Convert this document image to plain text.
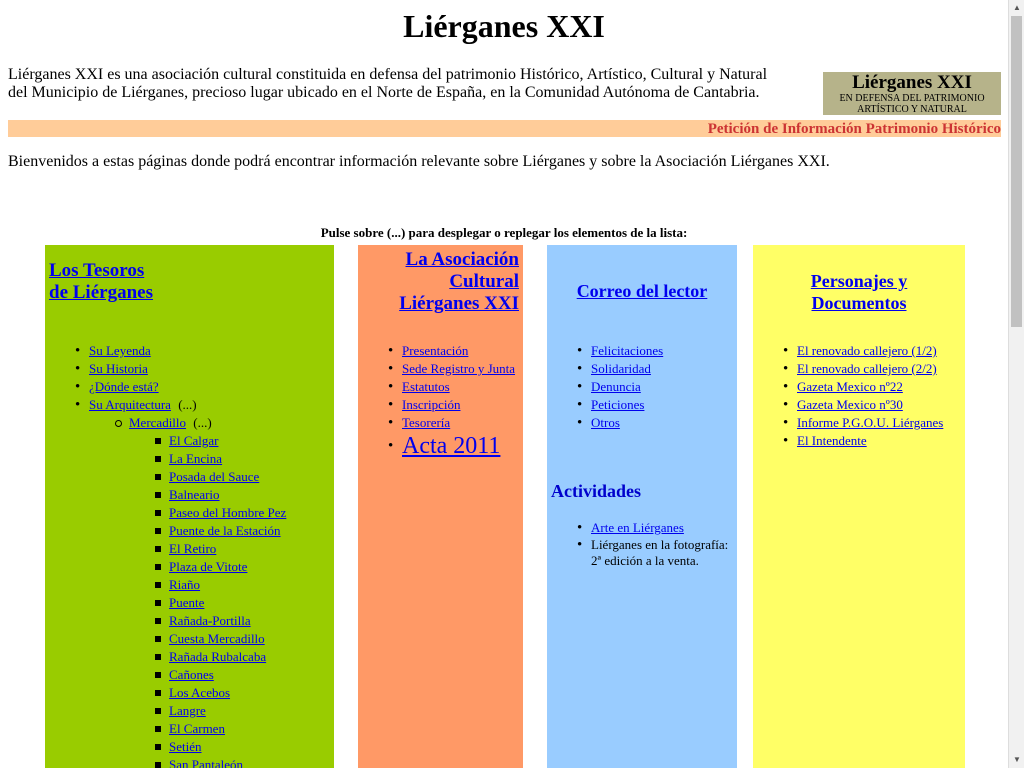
Liérganes XXI

Liérganes XXI es una asociación cultural constituida en defensa del patrimonio Histórico, Artístico, Cultural y Natural del Municipio de Liérganes, precioso lugar ubicado en el Norte de España, en la Comunidad Autónoma de Cantabria.	Liérganes XXI
EN DEFENSA DEL PATRIMONIO ARTÍSTICO Y NATURAL
Petición de Información Patrimonio Histórico

Bienvenidos a estas páginas donde podrá encontrar información relevante sobre Liérganes y sobre la Asociación Liérganes XXI.

Pulse sobre (...) para desplegar o replegar los elementos de la lista:

Los Tesoros
de Liérganes
• Su Leyenda
• Su Historia
• ¿Dónde está?
• Su Arquitectura (...)
Mercadillo (...)
El Calgar
La Encina
Posada del Sauce
Balneario
Paseo del Hombre Pez
Puente de la Estación
El Retiro
Plaza de Vitote
Riaño
Puente
Rañada-Portilla
Cuesta Mercadillo
Rañada Rubalcaba
Cañones
Los Acebos
Langre
El Carmen
Setién
San Pantaleón
La Asociación
Cultural
Liérganes XXI
• Presentación
• Sede Registro y Junta
• Estatutos
• Inscripción
• Tesorería
• Acta 2011
Correo del lector
• Felicitaciones
• Solidaridad
• Denuncia
• Peticiones
• Otros
Actividades
• Arte en Liérganes
• Liérganes en la fotografía: 2ª edición a la venta.
Personajes y
Documentos
• El renovado callejero (1/2)
• El renovado callejero (2/2)
• Gazeta Mexico nº22
• Gazeta Mexico nº30
• Informe P.G.O.U. Liérganes
• El Intendente
▲
▼
